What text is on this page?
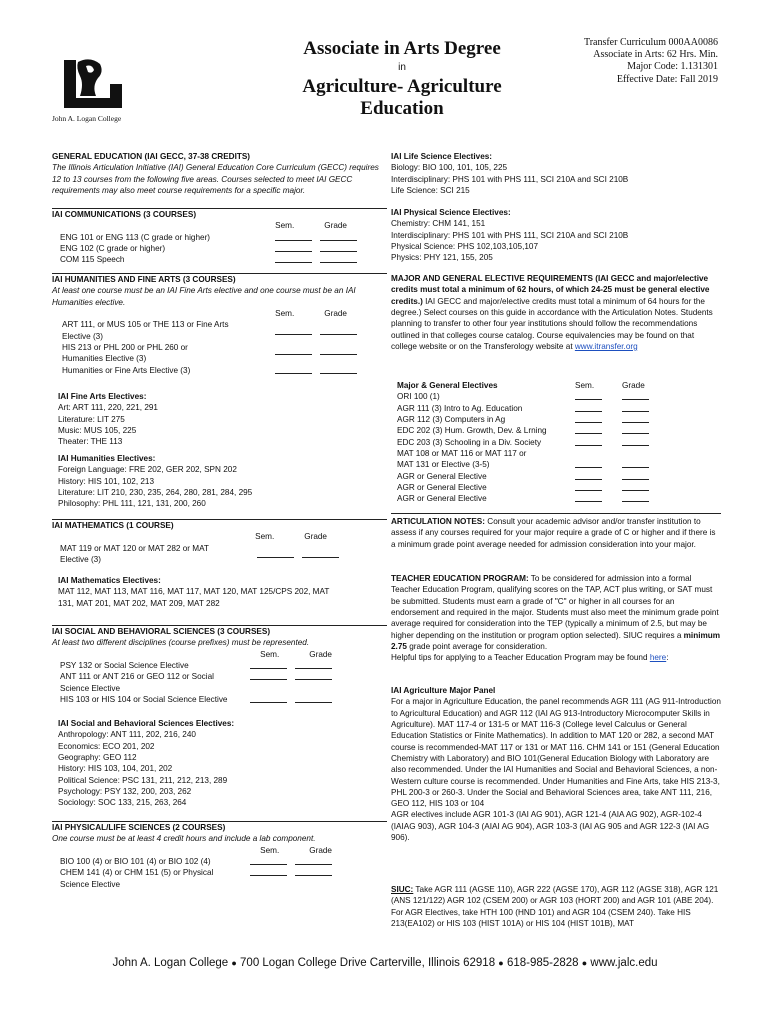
Associate in Arts Degree
in
Agriculture- Agriculture
Education
Transfer Curriculum 000AA0086
Associate in Arts: 62 Hrs. Min.
Major Code: 1.131301
Effective Date: Fall 2019
John A. Logan College
GENERAL EDUCATION (IAI GECC, 37-38 CREDITS)
The Illinois Articulation Initiative (IAI) General Education Core Curriculum (GECC) requires 12 to 13 courses from the following five areas. Courses selected to meet IAI GECC requirements may also meet course requirements for a specific major.
IAI COMMUNICATIONS (3 COURSES)
Sem.	Grade
ENG 101 or ENG 113 (C grade or higher)
ENG 102 (C grade or higher)
COM 115 Speech
IAI HUMANITIES AND FINE ARTS (3 COURSES)
At least one course must be an IAI Fine Arts elective and one course must be an IAI Humanities elective.
Sem.	Grade
ART 111, or MUS 105 or THE 113 or Fine Arts
Elective (3)
HIS 213 or PHL 200 or PHL 260 or
Humanities Elective (3)
Humanities or Fine Arts Elective (3)
IAI Fine Arts Electives:
Art: ART 111, 220, 221, 291
Literature: LIT 275
Music: MUS 105, 225
Theater: THE 113
IAI Humanities Electives:
Foreign Language: FRE 202, GER 202, SPN 202
History: HIS 101, 102, 213
Literature: LIT 210, 230, 235, 264, 280, 281, 284, 295
Philosophy: PHL 111, 121, 131, 200, 260
IAI MATHEMATICS (1 COURSE)
Sem.	Grade
MAT 119 or MAT 120 or MAT 282 or MAT
Elective (3)
IAI Mathematics Electives:
MAT 112, MAT 113, MAT 116, MAT 117, MAT 120, MAT 125/CPS 202, MAT
131, MAT 201, MAT 202, MAT 209, MAT 282
IAI SOCIAL AND BEHAVIORAL SCIENCES (3 COURSES)
At least two different disciplines (course prefixes) must be represented.
Sem.	Grade
PSY 132 or Social Science Elective
ANT 111 or ANT 216 or GEO 112 or Social
Science Elective
HIS 103 or HIS 104 or Social Science Elective
IAI Social and Behavioral Sciences Electives:
Anthropology: ANT 111, 202, 216, 240
Economics: ECO 201, 202
Geography: GEO 112
History: HIS 103, 104, 201, 202
Political Science: PSC 131, 211, 212, 213, 289
Psychology: PSY 132, 200, 203, 262
Sociology: SOC 133, 215, 263, 264
IAI PHYSICAL/LIFE SCIENCES (2 COURSES)
One course must be at least 4 credit hours and include a lab component.
Sem.	Grade
BIO 100 (4) or BIO 101 (4) or BIO 102 (4)
CHEM 141 (4) or CHM 151 (5) or Physical
Science Elective
IAI Life Science Electives:
Biology: BIO 100, 101, 105, 225
Interdisciplinary: PHS 101 with PHS 111, SCI 210A and SCI 210B
Life Science: SCI 215
IAI Physical Science Electives:
Chemistry: CHM 141, 151
Interdisciplinary: PHS 101 with PHS 111, SCI 210A and SCI 210B
Physical Science: PHS 102,103,105,107
Physics: PHY 121, 155, 205
MAJOR AND GENERAL ELECTIVE REQUIREMENTS (IAI GECC and major/elective credits must total a minimum of 62 hours, of which 24-25 must be general elective credits.) IAI GECC and major/elective credits must total a minimum of 64 hours for the degree.) Select courses on this guide in accordance with the Articulation Notes. Students planning to transfer to other four year institutions should follow the recommendations outlined in that colleges course catalog. Course equivalencies may be found on that college website or on the Transferology website at www.itransfer.org
Major & General Electives	Sem.	Grade
ORI 100 (1)
AGR 111 (3) Intro to Ag. Education
AGR 112 (3) Computers in Ag
EDC 202 (3) Hum. Growth, Dev. & Lrning
EDC 203 (3) Schooling in a Div. Society
MAT 108 or MAT 116 or MAT 117 or
MAT 131 or Elective (3-5)
AGR or General Elective
AGR or General Elective
AGR or General Elective
ARTICULATION NOTES: Consult your academic advisor and/or transfer institution to assess if any courses required for your major require a grade of C or higher and if there is a minimum grade point average needed for admission consideration into your major.
TEACHER EDUCATION PROGRAM: To be considered for admission into a formal Teacher Education Program, qualifying scores on the TAP, ACT plus writing, or SAT must be submitted. Students must earn a grade of "C" or higher in all courses for an endorsement and required in the major. Students must also meet the minimum grade point average required for consideration into the TEP (typically a minimum of 2.5, but may be higher depending on the institution or program option selected). SIUC requires a minimum 2.75 grade point average for consideration.
Helpful tips for applying to a Teacher Education Program may be found here:
IAI Agriculture Major Panel
For a major in Agriculture Education, the panel recommends AGR 111 (AG 911-Introduction to Agricultural Education) and AGR 112 (IAI AG 913-Introductory Microcomputer Skills in Agriculture). MAT 117-4 or 131-5 or MAT 116-3 (College level Calculus or General Education Statistics or Finite Mathematics). In addition to MAT 120 or 282, a second MAT course is recommended-MAT 117 or 131 or MAT 116. CHM 141 or 151 (General Education Chemistry with Laboratory) and BIO 101(General Education Biology with Laboratory are also recommended. Under the IAI Humanities and Social and Behavioral Sciences, a non-Western culture course is recommended. Under Humanities and Fine Arts, take HIS 213-3, PHL 200-3 or 260-3. Under the Social and Behavioral Sciences area, take ANT 111, 216, GEO 112, HIS 103 or 104
AGR electives include AGR 101-3 (IAI AG 901), AGR 121-4 (AIA AG 902), AGR-102-4 (IAIAG 903), AGR 104-3 (AIAI AG 904), AGR 103-3 (IAI AG 905 and AGR 122-3 (IAI AG 906).
SIUC: Take AGR 111 (AGSE 110), AGR 222 (AGSE 170), AGR 112 (AGSE 318), AGR 121 (ANS 121/122) AGR 102 (CSEM 200) or AGR 103 (HORT 200) and AGR 101 (ABE 204). For AGR Electives, take HTH 100 (HND 101) and AGR 104 (CSEM 240). Take HIS 213(EA102) or HIS 103 (HIST 101A) or HIS 104 (HIST 101B), MAT
John A. Logan College ● 700 Logan College Drive Carterville, Illinois 62918 ● 618-985-2828 ● www.jalc.edu
